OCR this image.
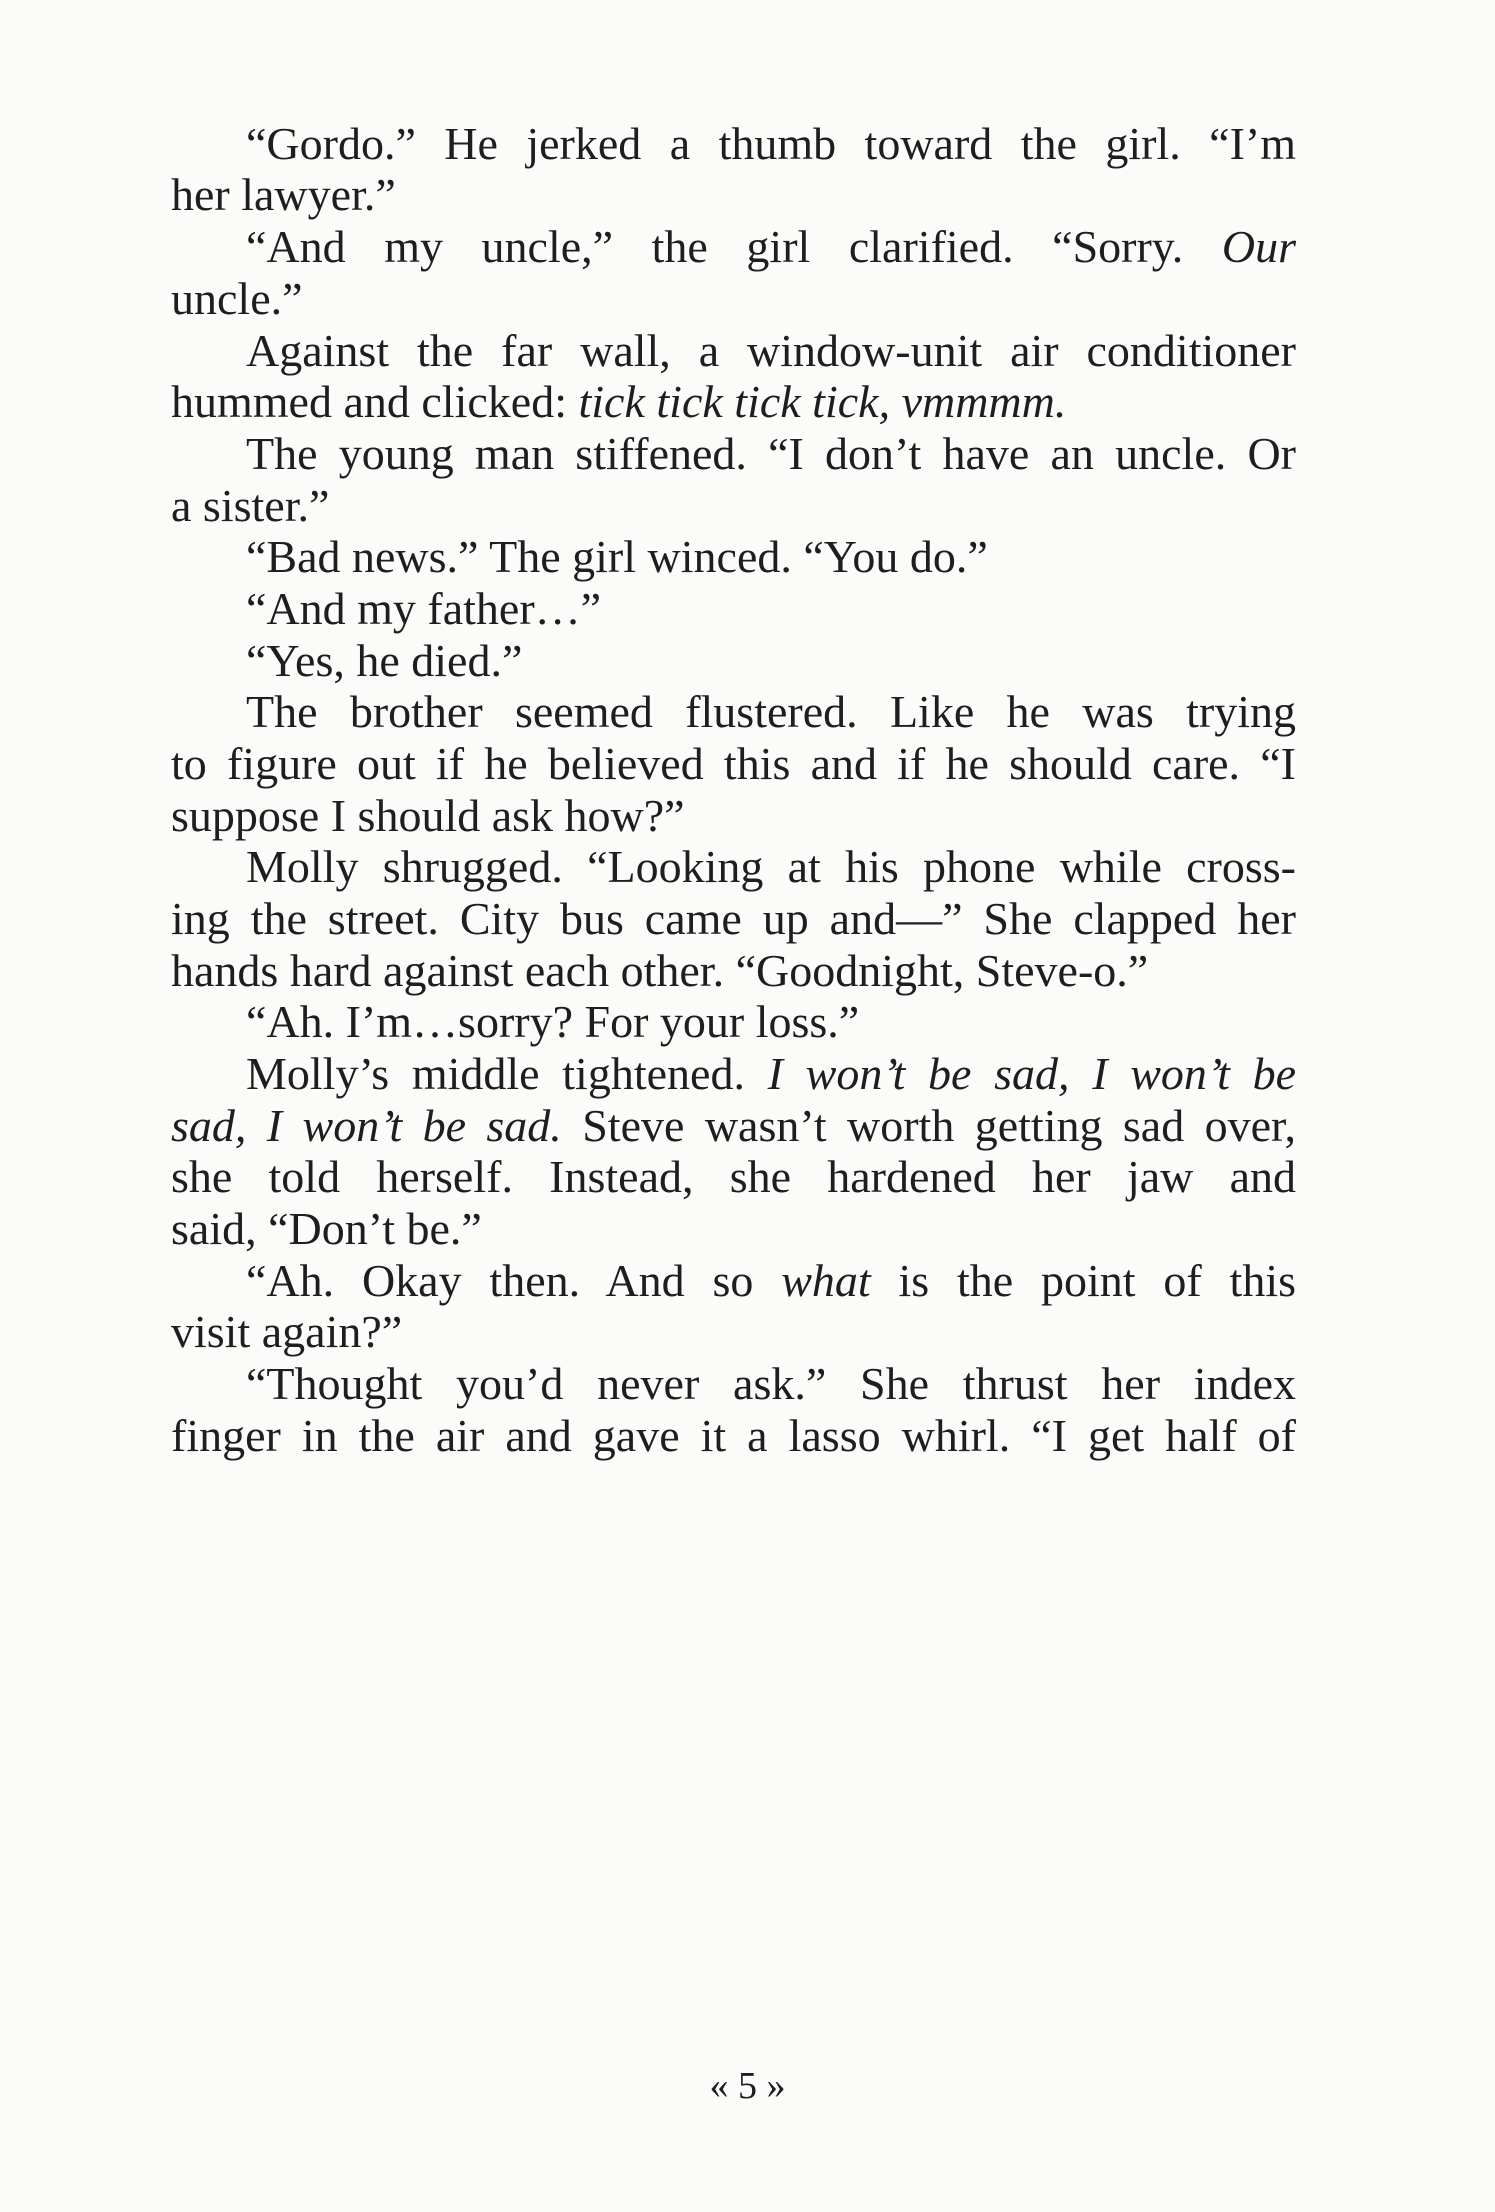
“Gordo.” He jerked a thumb toward the girl. “I’m
her lawyer.”
“And my uncle,” the girl clarified. “Sorry. Our
uncle.”
Against the far wall, a window-unit air conditioner
hummed and clicked: tick tick tick tick, vmmmm.
The young man stiffened. “I don’t have an uncle. Or
a sister.”
“Bad news.” The girl winced. “You do.”
“And my father…”
“Yes, he died.”
The brother seemed flustered. Like he was trying
to figure out if he believed this and if he should care. “I
suppose I should ask how?”
Molly shrugged. “Looking at his phone while cross-
ing the street. City bus came up and—” She clapped her
hands hard against each other. “Goodnight, Steve-o.”
“Ah. I’m…sorry? For your loss.”
Molly’s middle tightened. I won’t be sad, I won’t be
sad, I won’t be sad. Steve wasn’t worth getting sad over,
she told herself. Instead, she hardened her jaw and
said, “Don’t be.”
“Ah. Okay then. And so what is the point of this
visit again?”
“Thought you’d never ask.” She thrust her index
finger in the air and gave it a lasso whirl. “I get half of
« 5 »
